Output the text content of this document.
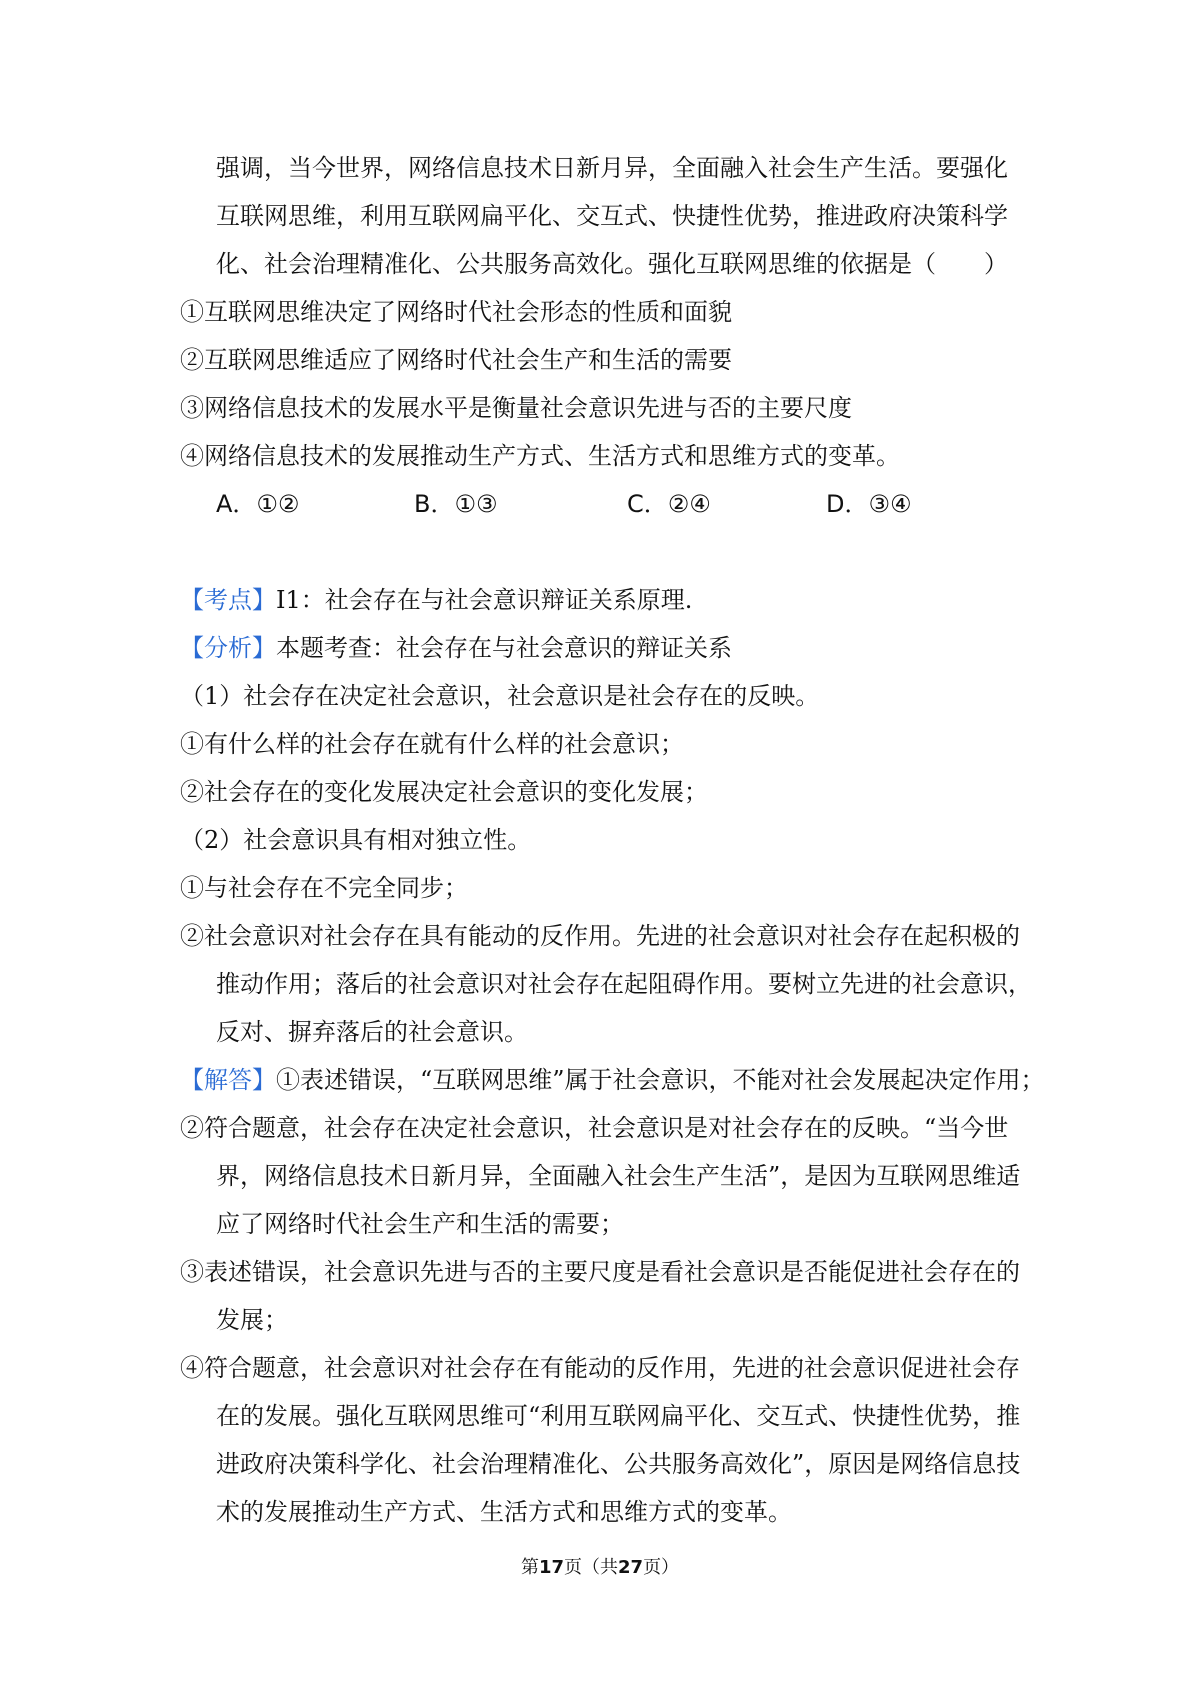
强调，当今世界，网络信息技术日新月异，全面融入社会生产生活。要强化
互联网思维，利用互联网扁平化、交互式、快捷性优势，推进政府决策科学
化、社会治理精准化、公共服务高效化。强化互联网思维的依据是（　　）
①互联网思维决定了网络时代社会形态的性质和面貌
②互联网思维适应了网络时代社会生产和生活的需要
③网络信息技术的发展水平是衡量社会意识先进与否的主要尺度
④网络信息技术的发展推动生产方式、生活方式和思维方式的变革。
A．①②	B．①③	C．②④	D．③④
【考点】I1：社会存在与社会意识辩证关系原理.
【分析】本题考查：社会存在与社会意识的辩证关系
（1）社会存在决定社会意识，社会意识是社会存在的反映。
①有什么样的社会存在就有什么样的社会意识；
②社会存在的变化发展决定社会意识的变化发展；
（2）社会意识具有相对独立性。
①与社会存在不完全同步；
②社会意识对社会存在具有能动的反作用。先进的社会意识对社会存在起积极的
推动作用；落后的社会意识对社会存在起阻碍作用。要树立先进的社会意识，
反对、摒弃落后的社会意识。
【解答】①表述错误，“互联网思维”属于社会意识，不能对社会发展起决定作用；
②符合题意，社会存在决定社会意识，社会意识是对社会存在的反映。“当今世
界，网络信息技术日新月异，全面融入社会生产生活”，是因为互联网思维适
应了网络时代社会生产和生活的需要；
③表述错误，社会意识先进与否的主要尺度是看社会意识是否能促进社会存在的
发展；
④符合题意，社会意识对社会存在有能动的反作用，先进的社会意识促进社会存
在的发展。强化互联网思维可“利用互联网扁平化、交互式、快捷性优势，推
进政府决策科学化、社会治理精准化、公共服务高效化”，原因是网络信息技
术的发展推动生产方式、生活方式和思维方式的变革。
第17页（共27页）
